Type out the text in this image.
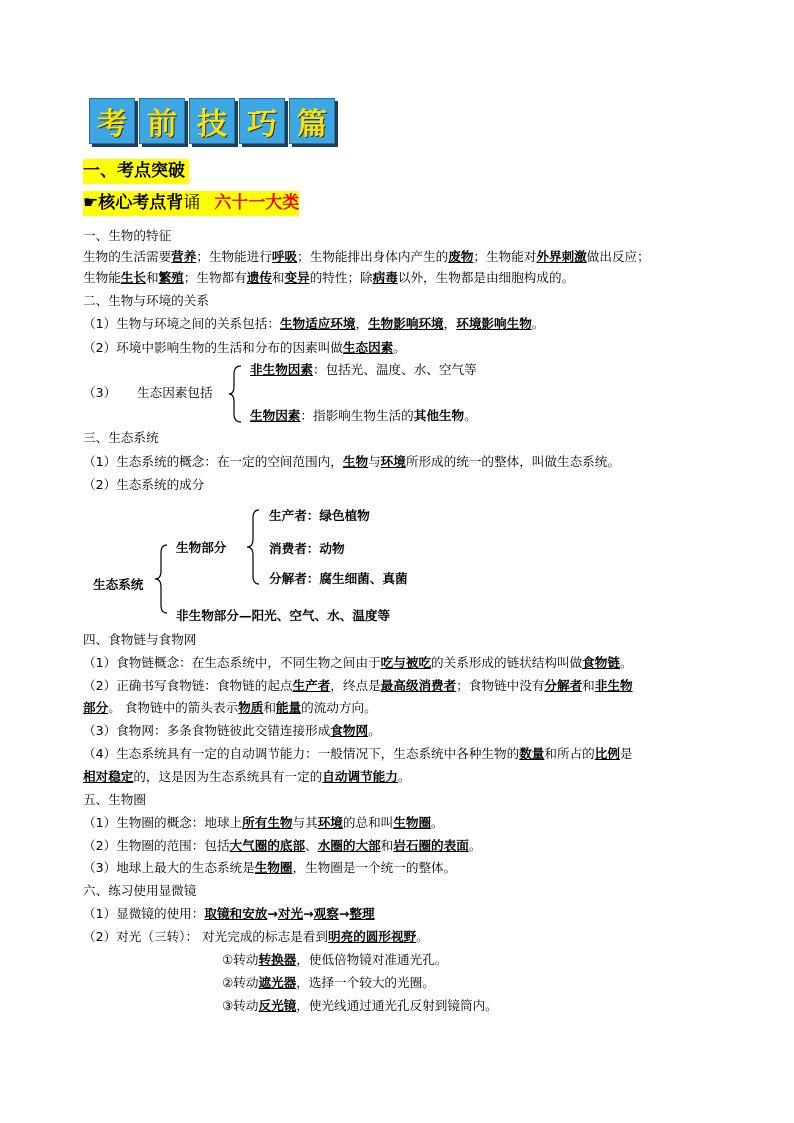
考 前 技 巧 篇
一、考点突破
☛核心考点背诵 六十一大类
一、生物的特征
生物的生活需要营养；生物能进行呼吸；生物能排出身体内产生的废物；生物能对外界刺激做出反应；
生物能生长和繁殖；生物都有遗传和变异的特性；除病毒以外，生物都是由细胞构成的。
二、生物与环境的关系
（1）生物与环境之间的关系包括：生物适应环境，生物影响环境，环境影响生物。
（2）环境中影响生物的生活和分布的因素叫做生态因素。
（3） 生态因素包括
非生物因素：包括光、温度、水、空气等
生物因素：指影响生物生活的其他生物。
三、生态系统
（1）生态系统的概念：在一定的空间范围内，生物与环境所形成的统一的整体，叫做生态系统。
（2）生态系统的成分
生态系统
生物部分
生产者：绿色植物
消费者：动物
分解者：腐生细菌、真菌
非生物部分—阳光、空气、水、温度等
四、食物链与食物网
（1）食物链概念：在生态系统中，不同生物之间由于吃与被吃的关系形成的链状结构叫做食物链。
（2）正确书写食物链：食物链的起点生产者，终点是最高级消费者；食物链中没有分解者和非生物
部分。 食物链中的箭头表示物质和能量的流动方向。
（3）食物网：多条食物链彼此交错连接形成食物网。
（4）生态系统具有一定的自动调节能力：一般情况下，生态系统中各种生物的数量和所占的比例是
相对稳定的，这是因为生态系统具有一定的自动调节能力。
五、生物圈
（1）生物圈的概念：地球上所有生物与其环境的总和叫生物圈。
（2）生物圈的范围：包括大气圈的底部、水圈的大部和岩石圈的表面。
（3）地球上最大的生态系统是生物圈，生物圈是一个统一的整体。
六、练习使用显微镜
（1）显微镜的使用：取镜和安放→对光→观察→整理
（2）对光（三转）： 对光完成的标志是看到明亮的圆形视野。
①转动转换器，使低倍物镜对准通光孔。
②转动遮光器，选择一个较大的光圈。
③转动反光镜，使光线通过通光孔反射到镜筒内。
